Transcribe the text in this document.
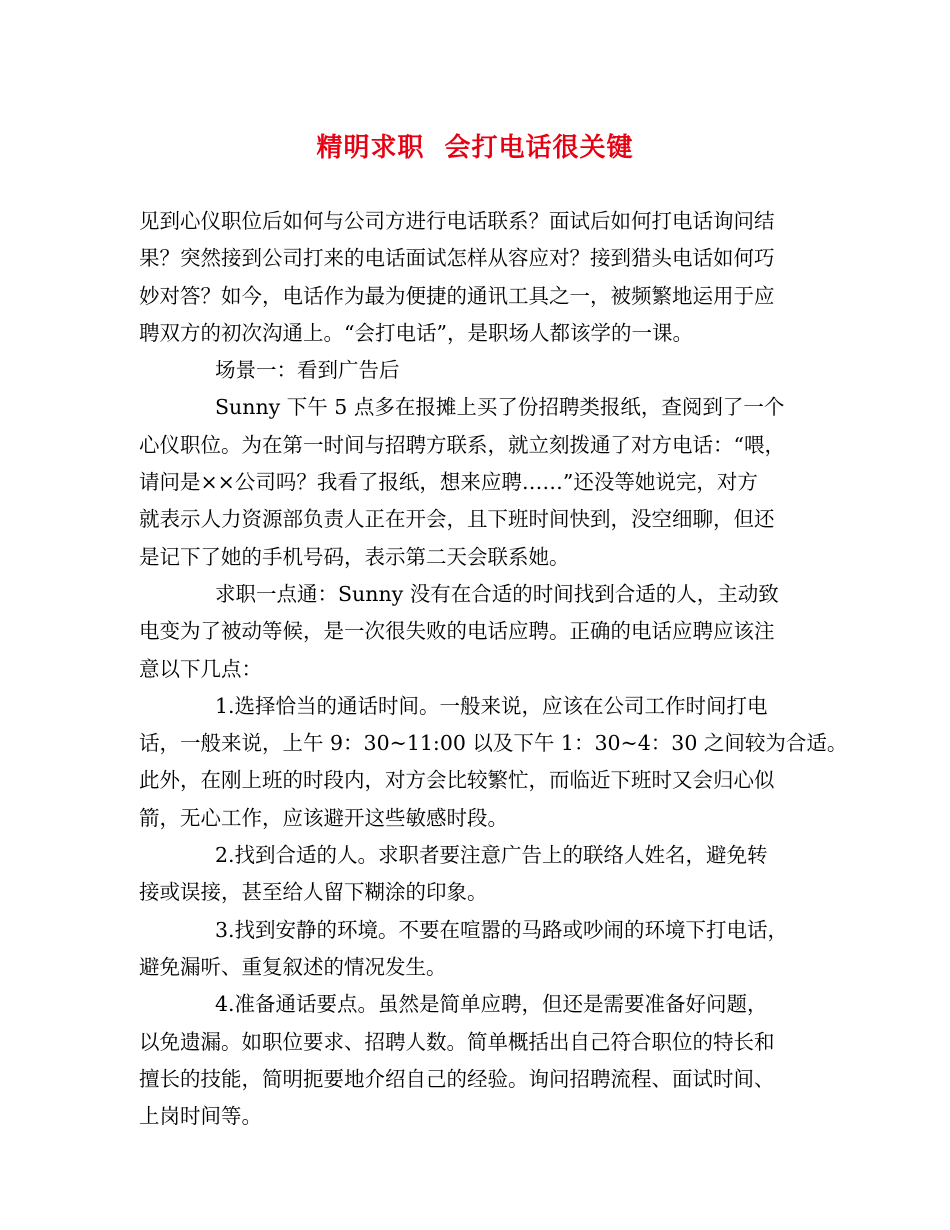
精明求职  会打电话很关键
见到心仪职位后如何与公司方进行电话联系？面试后如何打电话询问结
果？突然接到公司打来的电话面试怎样从容应对？接到猎头电话如何巧
妙对答？如今，电话作为最为便捷的通讯工具之一，被频繁地运用于应
聘双方的初次沟通上。“会打电话”，是职场人都该学的一课。
场景一：看到广告后
Sunny 下午 5 点多在报摊上买了份招聘类报纸，查阅到了一个
心仪职位。为在第一时间与招聘方联系，就立刻拨通了对方电话：“喂，
请问是××公司吗？我看了报纸，想来应聘……”还没等她说完，对方
就表示人力资源部负责人正在开会，且下班时间快到，没空细聊，但还
是记下了她的手机号码，表示第二天会联系她。
求职一点通：Sunny 没有在合适的时间找到合适的人，主动致
电变为了被动等候，是一次很失败的电话应聘。正确的电话应聘应该注
意以下几点：
1.选择恰当的通话时间。一般来说，应该在公司工作时间打电
话，一般来说，上午 9：30~11:00 以及下午 1：30~4：30 之间较为合适。
此外，在刚上班的时段内，对方会比较繁忙，而临近下班时又会归心似
箭，无心工作，应该避开这些敏感时段。
2.找到合适的人。求职者要注意广告上的联络人姓名，避免转
接或误接，甚至给人留下糊涂的印象。
3.找到安静的环境。不要在喧嚣的马路或吵闹的环境下打电话，
避免漏听、重复叙述的情况发生。
4.准备通话要点。虽然是简单应聘，但还是需要准备好问题，
以免遗漏。如职位要求、招聘人数。简单概括出自己符合职位的特长和
擅长的技能，简明扼要地介绍自己的经验。询问招聘流程、面试时间、
上岗时间等。
